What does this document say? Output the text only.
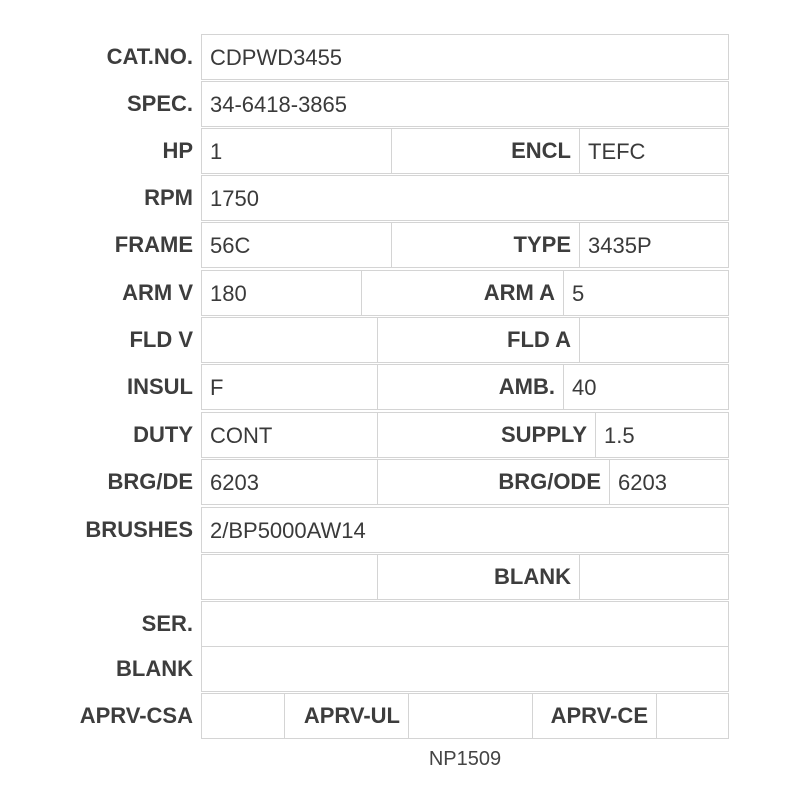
CAT.NO. CDPWD3455
SPEC. 34-6418-3865
HP 1	ENCL TEFC
RPM 1750
FRAME 56C	TYPE 3435P
ARM V 180	ARM A 5
FLD V	FLD A
INSUL F	AMB. 40
DUTY CONT	SUPPLY 1.5
BRG/DE 6203	BRG/ODE 6203
BRUSHES 2/BP5000AW14
BLANK
SER.
BLANK
APRV-CSA	APRV-UL	APRV-CE
NP1509
